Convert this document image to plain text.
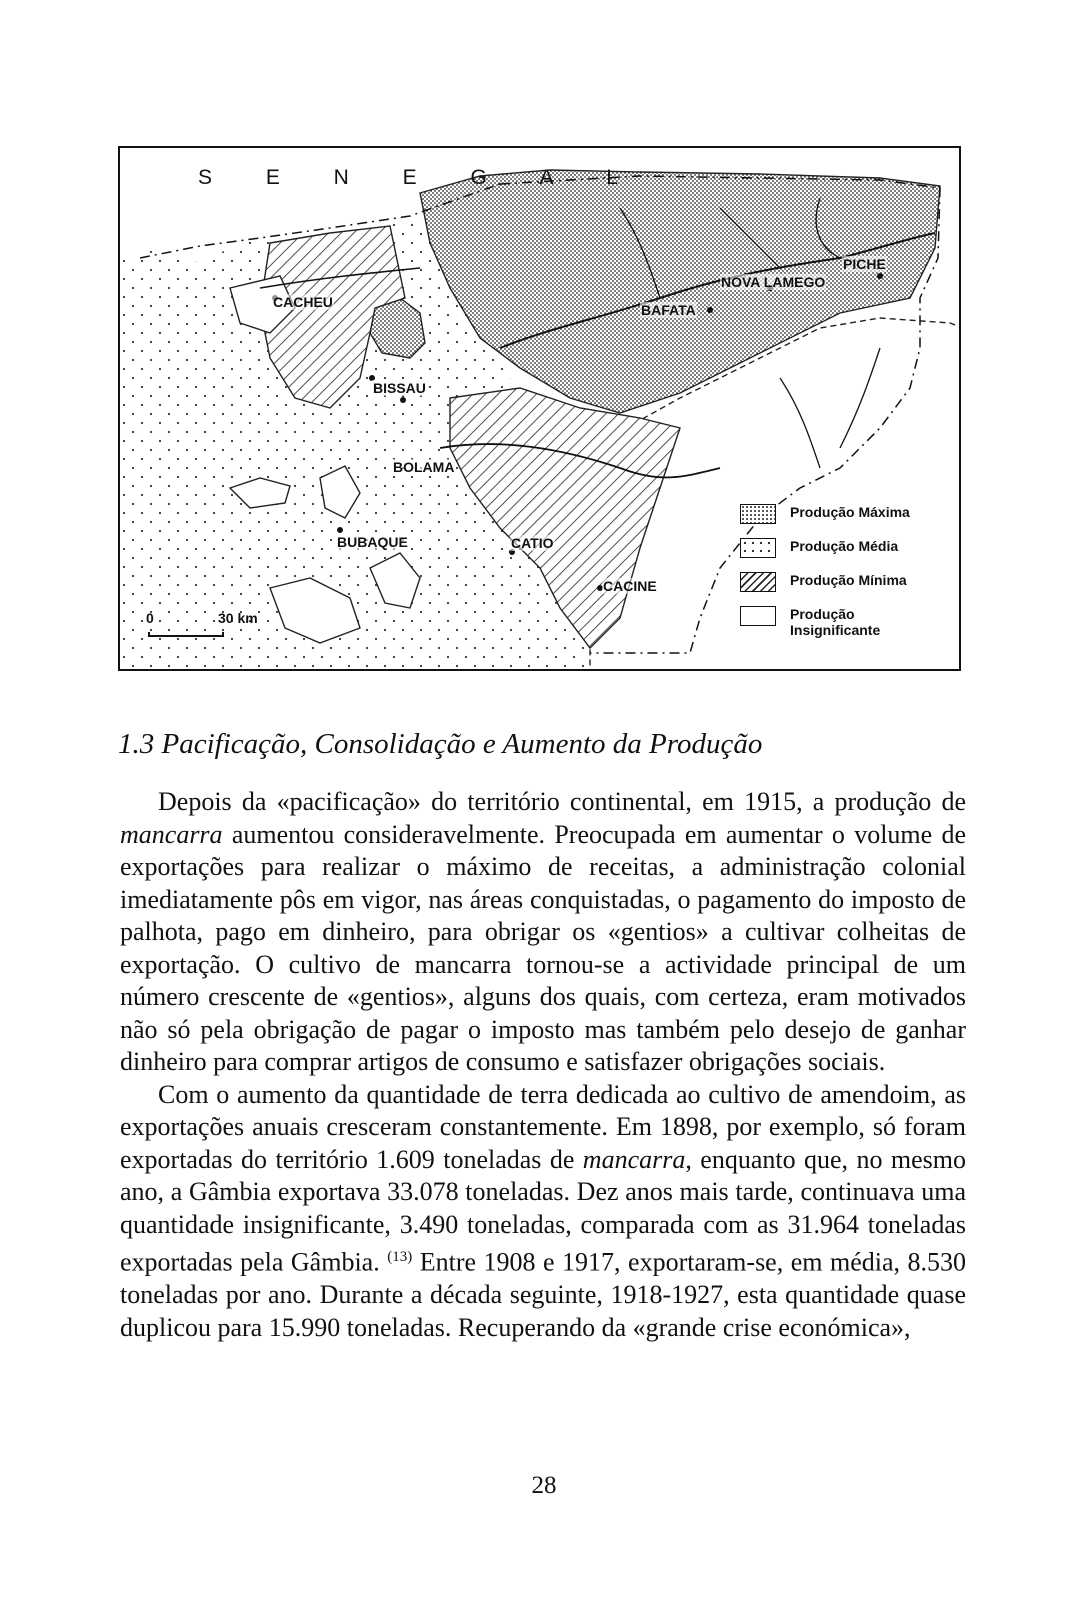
S E N E G A L
CACHEU
BISSAU
BAFATA
NOVA LAMEGO
PICHE
BOLAMA
BUBAQUE	CATIO
CACINE
0	30 km
Produção Máxima
Produção Média
Produção Mínima
Produção Insignificante
1.3 Pacificação, Consolidação e Aumento da Produção

Depois da «pacificação» do território continental, em 1915, a produção de mancarra aumentou consideravelmente. Preocupada em aumentar o volume de exportações para realizar o máximo de receitas, a administração colonial imediatamente pôs em vigor, nas áreas conquistadas, o pagamento do imposto de palhota, pago em dinheiro, para obrigar os «gentios» a cultivar colheitas de exportação. O cultivo de mancarra tornou-se a actividade principal de um número crescente de «gentios», alguns dos quais, com certeza, eram motivados não só pela obrigação de pagar o imposto mas também pelo desejo de ganhar dinheiro para comprar artigos de consumo e satisfazer obrigações sociais.

Com o aumento da quantidade de terra dedicada ao cultivo de amendoim, as exportações anuais cresceram constantemente. Em 1898, por exemplo, só foram exportadas do território 1.609 toneladas de mancarra, enquanto que, no mesmo ano, a Gâmbia exportava 33.078 toneladas. Dez anos mais tarde, continuava uma quantidade insignificante, 3.490 toneladas, comparada com as 31.964 toneladas exportadas pela Gâmbia. $^{(13)}$ Entre 1908 e 1917, exportaram-se, em média, 8.530 toneladas por ano. Durante a década seguinte, 1918-1927, esta quantidade quase duplicou para 15.990 toneladas. Recuperando da «grande crise económica»,

28
